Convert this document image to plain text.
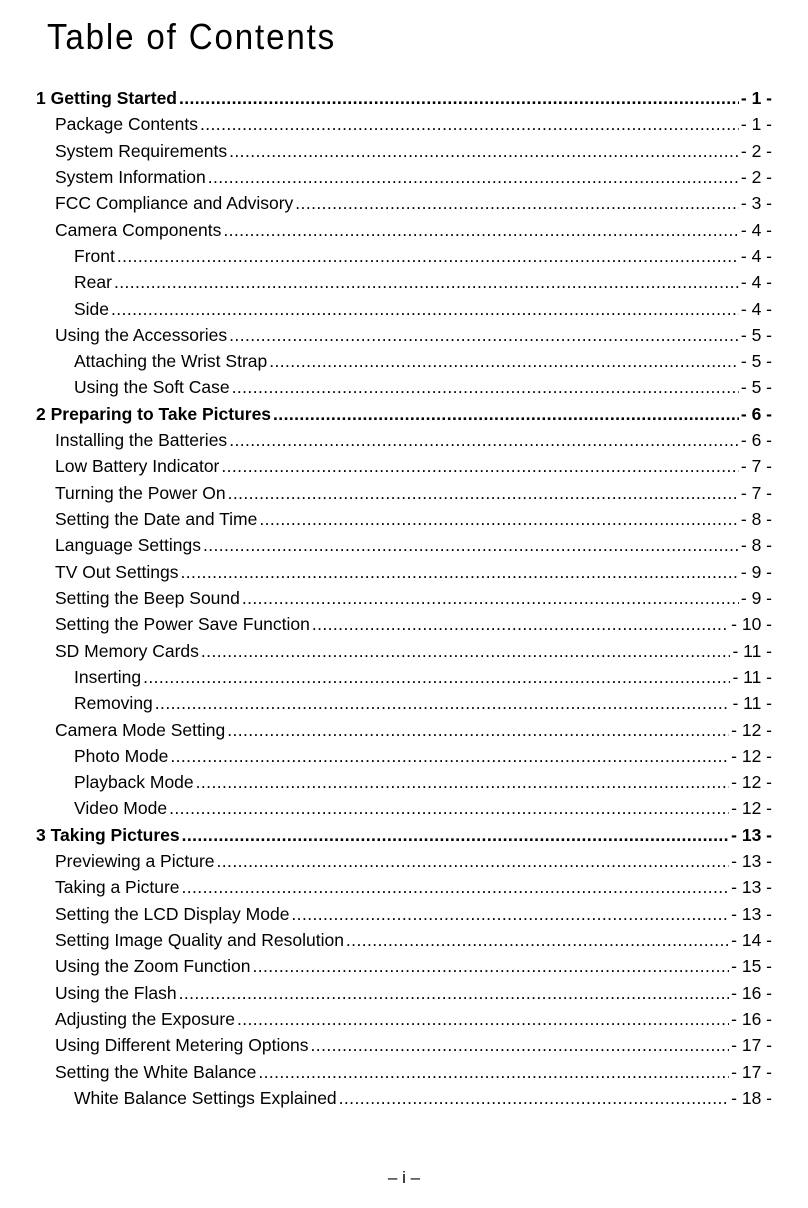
Table of Contents
1 Getting Started .....	- 1 -
Package Contents .....	- 1 -
System Requirements .....	- 2 -
System Information .....	- 2 -
FCC Compliance and Advisory .....	- 3 -
Camera Components .....	- 4 -
Front .....	- 4 -
Rear .....	- 4 -
Side .....	- 4 -
Using the Accessories .....	- 5 -
Attaching the Wrist Strap .....	- 5 -
Using the Soft Case .....	- 5 -
2 Preparing to Take Pictures .....	- 6 -
Installing the Batteries .....	- 6 -
Low Battery Indicator .....	- 7 -
Turning the Power On .....	- 7 -
Setting the Date and Time .....	- 8 -
Language Settings .....	- 8 -
TV Out Settings .....	- 9 -
Setting the Beep Sound .....	- 9 -
Setting the Power Save Function .....	- 10 -
SD Memory Cards .....	- 11 -
Inserting .....	- 11 -
Removing .....	- 11 -
Camera Mode Setting .....	- 12 -
Photo Mode .....	- 12 -
Playback Mode .....	- 12 -
Video Mode .....	- 12 -
3 Taking Pictures .....	- 13 -
Previewing a Picture .....	- 13 -
Taking a Picture .....	- 13 -
Setting the LCD Display Mode .....	- 13 -
Setting Image Quality and Resolution .....	- 14 -
Using the Zoom Function .....	- 15 -
Using the Flash .....	- 16 -
Adjusting the Exposure .....	- 16 -
Using Different Metering Options .....	- 17 -
Setting the White Balance .....	- 17 -
White Balance Settings Explained .....	- 18 -
– i –
